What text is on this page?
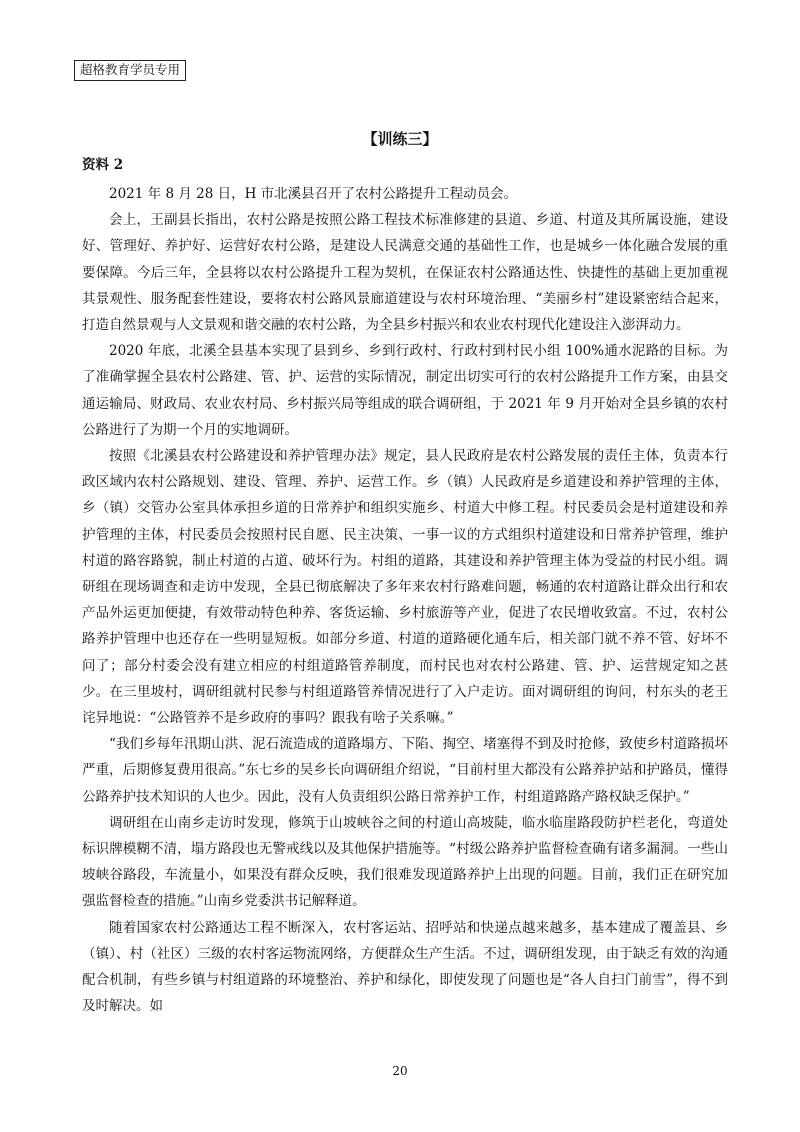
超格教育学员专用
【训练三】
资料 2

2021 年 8 月 28 日，H 市北溪县召开了农村公路提升工程动员会。

会上，王副县长指出，农村公路是按照公路工程技术标准修建的县道、乡道、村道及其所属设施，建设好、管理好、养护好、运营好农村公路，是建设人民满意交通的基础性工作，也是城乡一体化融合发展的重要保障。今后三年，全县将以农村公路提升工程为契机，在保证农村公路通达性、快捷性的基础上更加重视其景观性、服务配套性建设，要将农村公路风景廊道建设与农村环境治理、“美丽乡村”建设紧密结合起来，打造自然景观与人文景观和谐交融的农村公路，为全县乡村振兴和农业农村现代化建设注入澎湃动力。

2020 年底，北溪全县基本实现了县到乡、乡到行政村、行政村到村民小组 100%通水泥路的目标。为了准确掌握全县农村公路建、管、护、运营的实际情况，制定出切实可行的农村公路提升工作方案，由县交通运输局、财政局、农业农村局、乡村振兴局等组成的联合调研组，于 2021 年 9 月开始对全县乡镇的农村公路进行了为期一个月的实地调研。

按照《北溪县农村公路建设和养护管理办法》规定，县人民政府是农村公路发展的责任主体，负责本行政区域内农村公路规划、建设、管理、养护、运营工作。乡（镇）人民政府是乡道建设和养护管理的主体，乡（镇）交管办公室具体承担乡道的日常养护和组织实施乡、村道大中修工程。村民委员会是村道建设和养护管理的主体，村民委员会按照村民自愿、民主决策、一事一议的方式组织村道建设和日常养护管理，维护村道的路容路貌，制止村道的占道、破坏行为。村组的道路，其建设和养护管理主体为受益的村民小组。调研组在现场调查和走访中发现，全县已彻底解决了多年来农村行路难问题，畅通的农村道路让群众出行和农产品外运更加便捷，有效带动特色种养、客货运输、乡村旅游等产业，促进了农民增收致富。不过，农村公路养护管理中也还存在一些明显短板。如部分乡道、村道的道路硬化通车后，相关部门就不养不管、好坏不问了；部分村委会没有建立相应的村组道路管养制度，而村民也对农村公路建、管、护、运营规定知之甚少。在三里坡村，调研组就村民参与村组道路管养情况进行了入户走访。面对调研组的询问，村东头的老王诧异地说：“公路管养不是乡政府的事吗？跟我有啥子关系嘛。”

“我们乡每年汛期山洪、泥石流造成的道路塌方、下陷、掏空、堵塞得不到及时抢修，致使乡村道路损坏严重，后期修复费用很高。”东七乡的吴乡长向调研组介绍说，“目前村里大都没有公路养护站和护路员，懂得公路养护技术知识的人也少。因此，没有人负责组织公路日常养护工作，村组道路路产路权缺乏保护。”

调研组在山南乡走访时发现，修筑于山坡峡谷之间的村道山高坡陡，临水临崖路段防护栏老化，弯道处标识牌模糊不清，塌方路段也无警戒线以及其他保护措施等。“村级公路养护监督检查确有诸多漏洞。一些山坡峡谷路段，车流量小，如果没有群众反映，我们很难发现道路养护上出现的问题。目前，我们正在研究加强监督检查的措施。”山南乡党委洪书记解释道。

随着国家农村公路通达工程不断深入，农村客运站、招呼站和快递点越来越多，基本建成了覆盖县、乡（镇）、村（社区）三级的农村客运物流网络，方便群众生产生活。不过，调研组发现，由于缺乏有效的沟通配合机制，有些乡镇与村组道路的环境整治、养护和绿化，即使发现了问题也是“各人自扫门前雪”，得不到及时解决。如

20
